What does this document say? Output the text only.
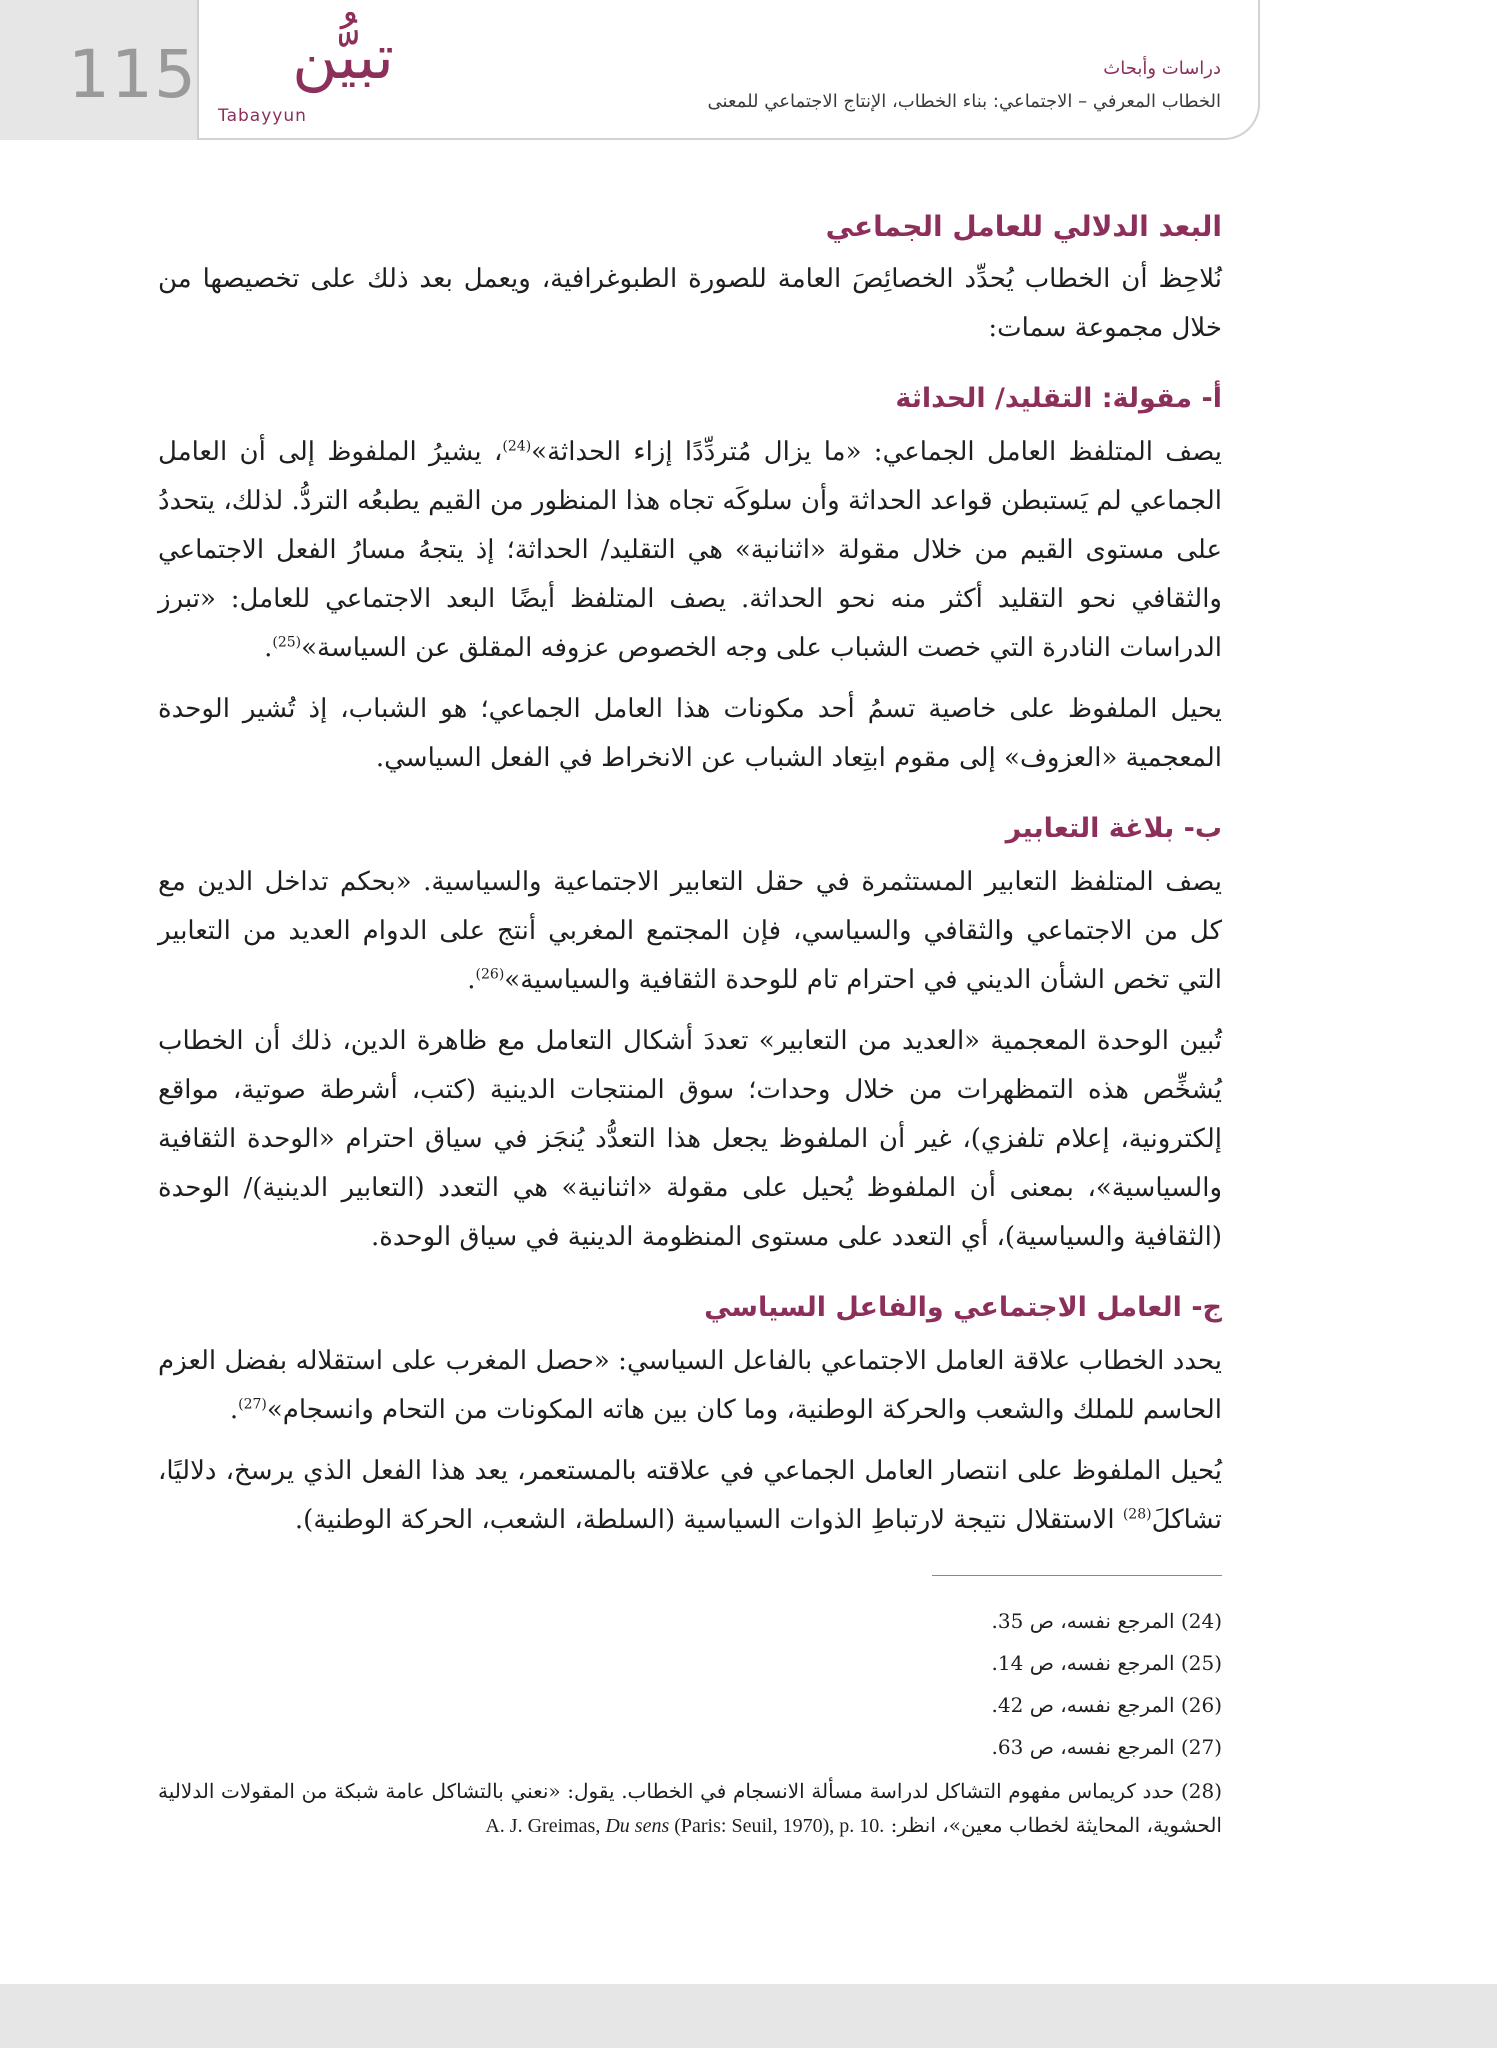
115 تبيُّن
Tabayyun
دراسات وأبحاث
الخطاب المعرفي – الاجتماعي: بناء الخطاب، الإنتاج الاجتماعي للمعنى
البعد الدلالي للعامل الجماعي

نُلاحِظ أن الخطاب يُحدِّد الخصائِصَ العامة للصورة الطبوغرافية، ويعمل بعد ذلك على تخصيصها من خلال مجموعة سمات:

أ- مقولة: التقليد/ الحداثة

يصف المتلفظ العامل الجماعي: «ما يزال مُتردِّدًا إزاء الحداثة»$^{(24)}$، يشيرُ الملفوظ إلى أن العامل الجماعي لم يَستبطن قواعد الحداثة وأن سلوكَه تجاه هذا المنظور من القيم يطبعُه التردُّ. لذلك، يتحددُ على مستوى القيم من خلال مقولة «اثنانية» هي التقليد/ الحداثة؛ إذ يتجهُ مسارُ الفعل الاجتماعي والثقافي نحو التقليد أكثر منه نحو الحداثة. يصف المتلفظ أيضًا البعد الاجتماعي للعامل: «تبرز الدراسات النادرة التي خصت الشباب على وجه الخصوص عزوفه المقلق عن السياسة»$^{(25)}$.

يحيل الملفوظ على خاصية تسمُ أحد مكونات هذا العامل الجماعي؛ هو الشباب، إذ تُشير الوحدة المعجمية «العزوف» إلى مقوم ابتِعاد الشباب عن الانخراط في الفعل السياسي.

ب- بلاغة التعابير

يصف المتلفظ التعابير المستثمرة في حقل التعابير الاجتماعية والسياسية. «بحكم تداخل الدين مع كل من الاجتماعي والثقافي والسياسي، فإن المجتمع المغربي أنتج على الدوام العديد من التعابير التي تخص الشأن الديني في احترام تام للوحدة الثقافية والسياسية»$^{(26)}$.

تُبين الوحدة المعجمية «العديد من التعابير» تعددَ أشكال التعامل مع ظاهرة الدين، ذلك أن الخطاب يُشخِّص هذه التمظهرات من خلال وحدات؛ سوق المنتجات الدينية (كتب، أشرطة صوتية، مواقع إلكترونية، إعلام تلفزي)، غير أن الملفوظ يجعل هذا التعدُّد يُنجَز في سياق احترام «الوحدة الثقافية والسياسية»، بمعنى أن الملفوظ يُحيل على مقولة «اثنانية» هي التعدد (التعابير الدينية)/ الوحدة (الثقافية والسياسية)، أي التعدد على مستوى المنظومة الدينية في سياق الوحدة.

ج- العامل الاجتماعي والفاعل السياسي

يحدد الخطاب علاقة العامل الاجتماعي بالفاعل السياسي: «حصل المغرب على استقلاله بفضل العزم الحاسم للملك والشعب والحركة الوطنية، وما كان بين هاته المكونات من التحام وانسجام»$^{(27)}$.

يُحيل الملفوظ على انتصار العامل الجماعي في علاقته بالمستعمر، يعد هذا الفعل الذي يرسخ، دلاليًا، تشاكلَ$^{(28)}$ الاستقلال نتيجة لارتباطِ الذوات السياسية (السلطة، الشعب، الحركة الوطنية).

(24) المرجع نفسه، ص 35.

(25) المرجع نفسه، ص 14.

(26) المرجع نفسه، ص 42.

(27) المرجع نفسه، ص 63.

(28) حدد كريماس مفهوم التشاكل لدراسة مسألة الانسجام في الخطاب. يقول: «نعني بالتشاكل عامة شبكة من المقولات الدلالية الحشوية، المحايثة لخطاب معين»، انظر: A. J. Greimas, Du sens (Paris: Seuil, 1970), p. 10.
